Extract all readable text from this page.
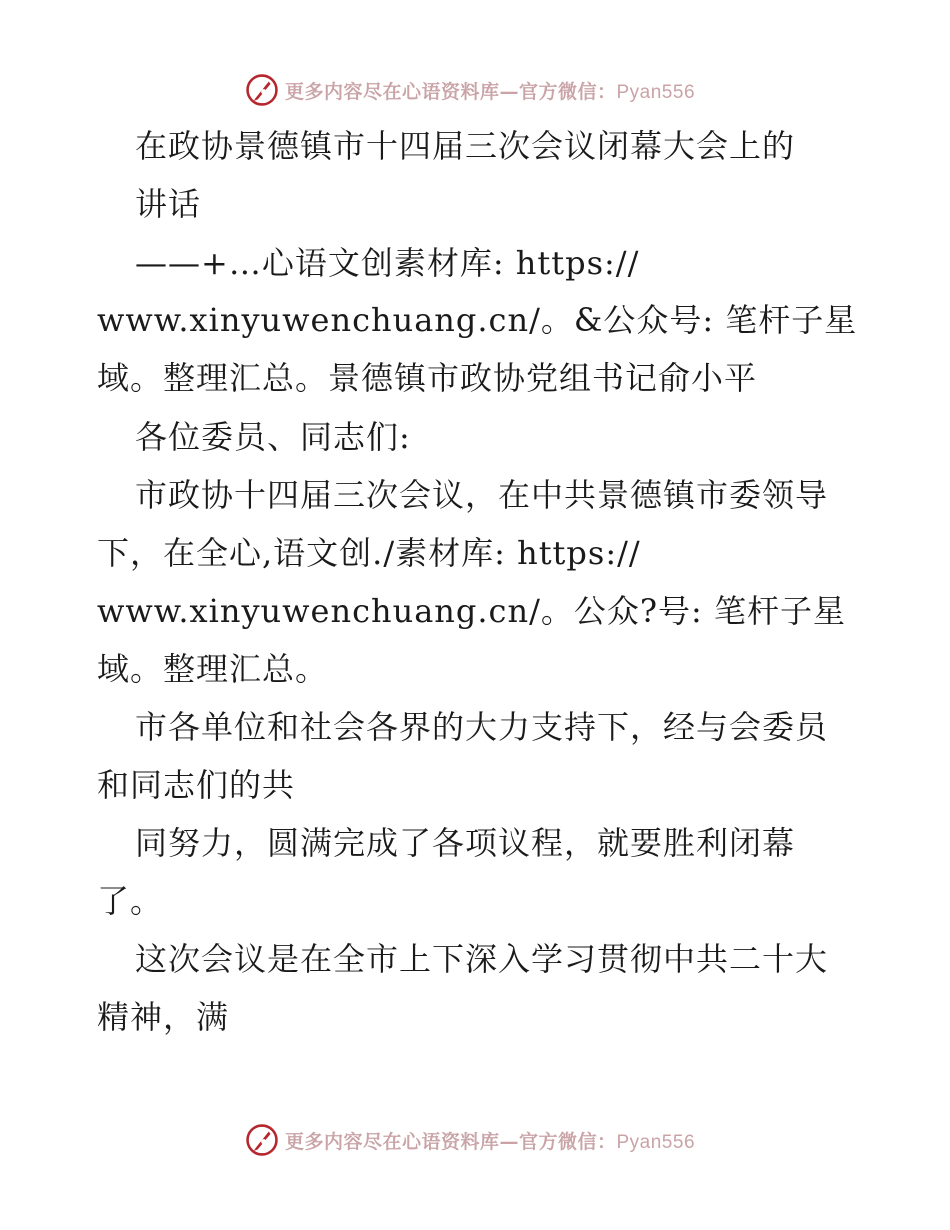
更多内容尽在心语资料库—官方微信：Pyan556
在政协景德镇市十四届三次会议闭幕大会上的
讲话
——+…心语文创素材库: https://
www.xinyuwenchuang.cn/。&公众号: 笔杆子星
域。整理汇总。景德镇市政协党组书记俞小平
各位委员、同志们:
市政协十四届三次会议，在中共景德镇市委领导
下，在全心,语文创./素材库: https://
www.xinyuwenchuang.cn/。公众?号: 笔杆子星
域。整理汇总。
市各单位和社会各界的大力支持下，经与会委员
和同志们的共
同努力，圆满完成了各项议程，就要胜利闭幕
了。
这次会议是在全市上下深入学习贯彻中共二十大
精神，满
更多内容尽在心语资料库—官方微信：Pyan556
